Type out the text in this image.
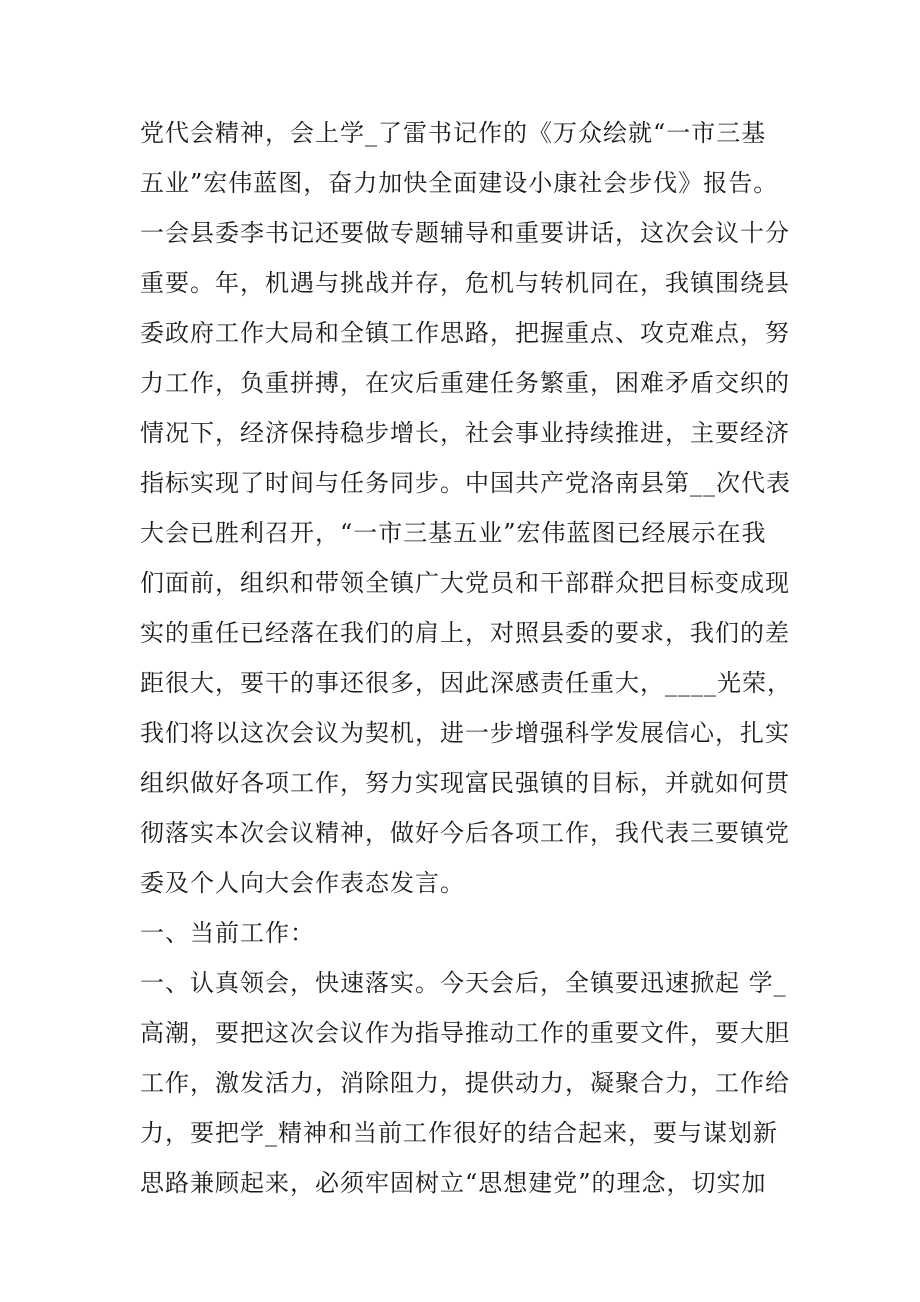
党代会精神，会上学_了雷书记作的《万众绘就“一市三基
五业”宏伟蓝图，奋力加快全面建设小康社会步伐》报告。
一会县委李书记还要做专题辅导和重要讲话，这次会议十分
重要。年，机遇与挑战并存，危机与转机同在，我镇围绕县
委政府工作大局和全镇工作思路，把握重点、攻克难点，努
力工作，负重拼搏，在灾后重建任务繁重，困难矛盾交织的
情况下，经济保持稳步增长，社会事业持续推进，主要经济
指标实现了时间与任务同步。中国共产党洛南县第__次代表
大会已胜利召开，“一市三基五业”宏伟蓝图已经展示在我
们面前，组织和带领全镇广大党员和干部群众把目标变成现
实的重任已经落在我们的肩上，对照县委的要求，我们的差
距很大，要干的事还很多，因此深感责任重大，____光荣，
我们将以这次会议为契机，进一步增强科学发展信心，扎实
组织做好各项工作，努力实现富民强镇的目标，并就如何贯
彻落实本次会议精神，做好今后各项工作，我代表三要镇党
委及个人向大会作表态发言。
一、当前工作：
一、认真领会，快速落实。今天会后，全镇要迅速掀起 学_
高潮，要把这次会议作为指导推动工作的重要文件，要大胆
工作，激发活力，消除阻力，提供动力，凝聚合力，工作给
力，要把学_精神和当前工作很好的结合起来，要与谋划新
思路兼顾起来，必须牢固树立“思想建党”的理念，切实加
